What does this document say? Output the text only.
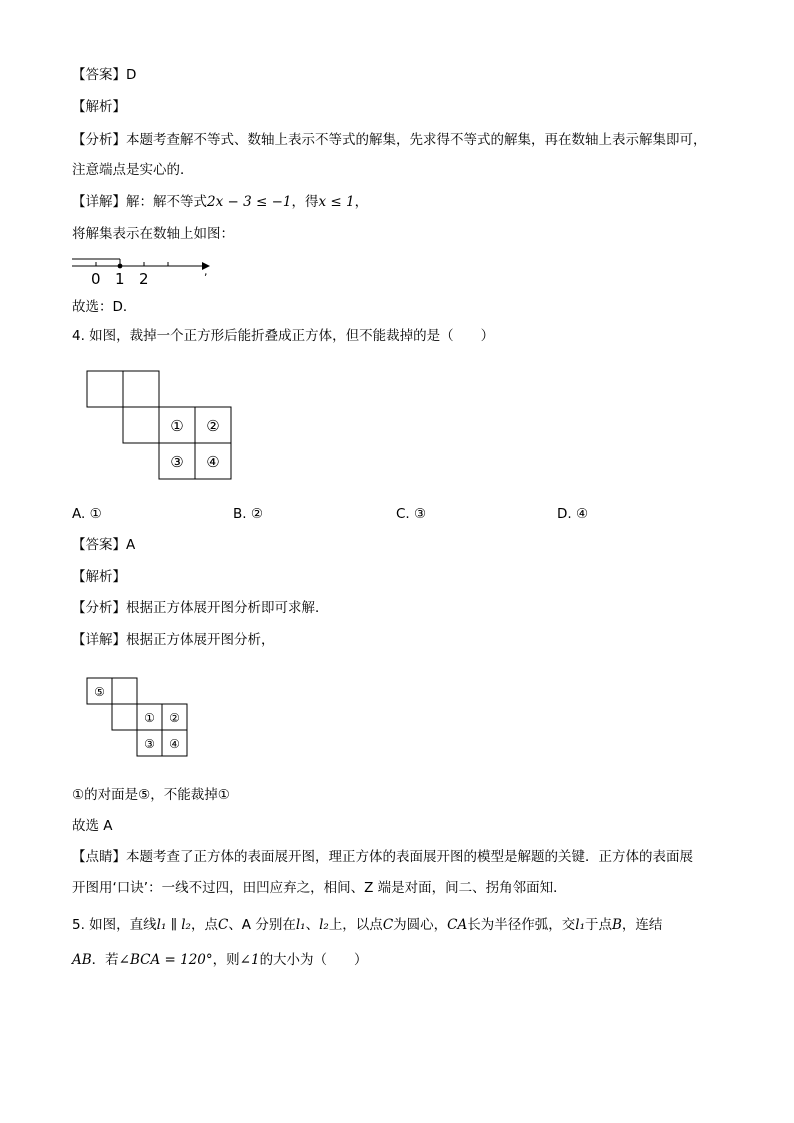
【答案】D
【解析】
【分析】本题考查解不等式、数轴上表示不等式的解集，先求得不等式的解集，再在数轴上表示解集即可，
注意端点是实心的．
【详解】解：解不等式2x − 3 ≤ −1，得x ≤ 1，
将解集表示在数轴上如图：
,
0 1 2
故选：D．
4. 如图，裁掉一个正方形后能折叠成正方体，但不能裁掉的是（　　）
① ②
③ ④
A. ①	B. ②	C. ③	D. ④
【答案】A
【解析】
【分析】根据正方体展开图分析即可求解．
【详解】根据正方体展开图分析，
⑤
① ②
③ ④
①的对面是⑤，不能裁掉①
故选 A
【点睛】本题考查了正方体的表面展开图，理正方体的表面展开图的模型是解题的关键．正方体的表面展
开图用‘口诀’：一线不过四，田凹应弃之，相间、Z 端是对面，间二、拐角邻面知．
5. 如图，直线l₁ ∥ l₂，点C、A 分别在l₁、l₂上，以点C为圆心，CA长为半径作弧，交l₁于点B，连结
AB．若∠BCA = 120°，则∠1的大小为（　　）
